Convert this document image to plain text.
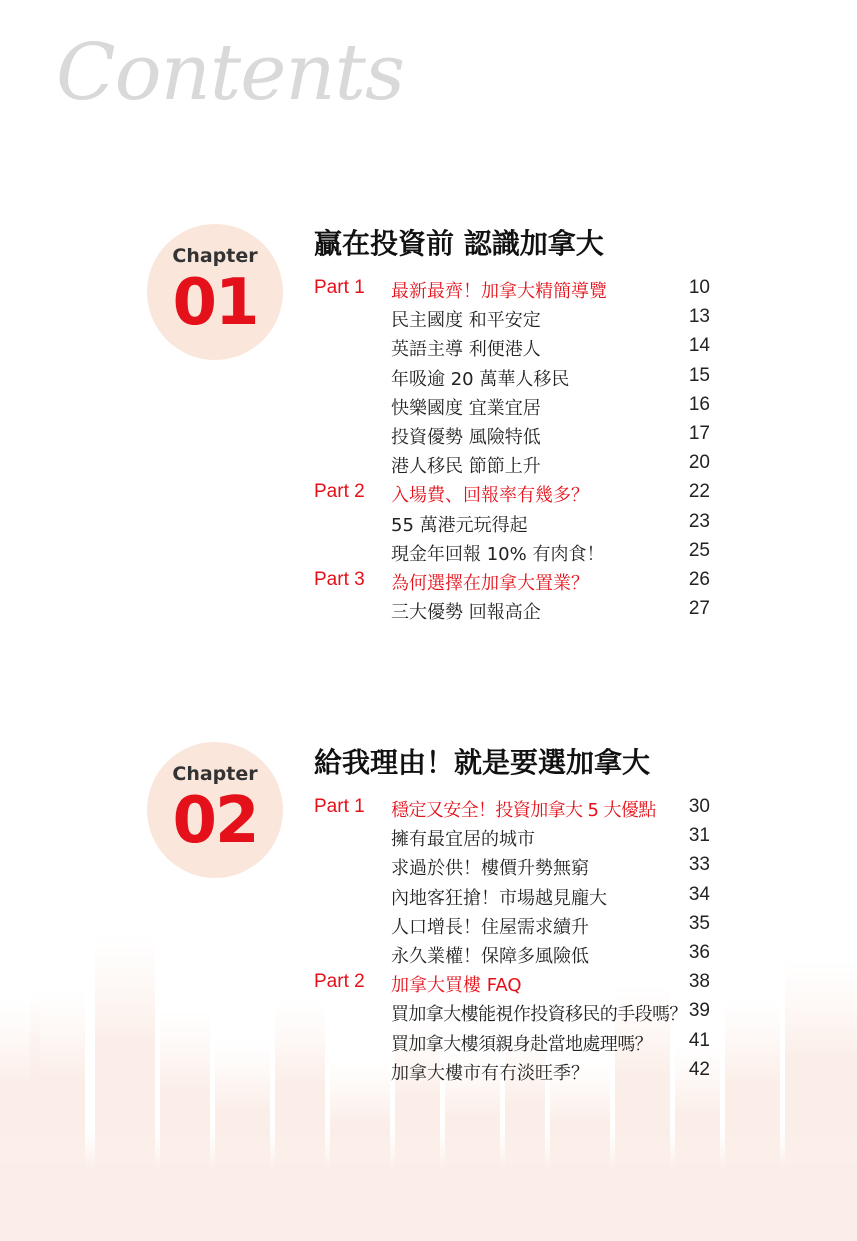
Contents
Chapter
01
贏在投資前 認識加拿大
Part 1 最新最齊！加拿大精簡導覽	10
民主國度 和平安定	13
英語主導 利便港人	14
年吸逾 20 萬華人移民	15
快樂國度 宜業宜居	16
投資優勢 風險特低	17
港人移民 節節上升	20
Part 2 入場費、回報率有幾多？	22
55 萬港元玩得起	23
現金年回報 10% 有肉食！	25
Part 3 為何選擇在加拿大置業？	26
三大優勢 回報高企	27
Chapter
02
給我理由！就是要選加拿大
Part 1 穩定又安全！投資加拿大 5 大優點 30
擁有最宜居的城市	31
求過於供！樓價升勢無窮	33
內地客狂搶！市場越見龐大	34
人口增長！住屋需求續升	35
永久業權！保障多風險低	36
Part 2 加拿大買樓 FAQ	38
買加拿大樓能視作投資移民的手段嗎？ 39
買加拿大樓須親身赴當地處理嗎？ 41
加拿大樓市有冇淡旺季？	42
